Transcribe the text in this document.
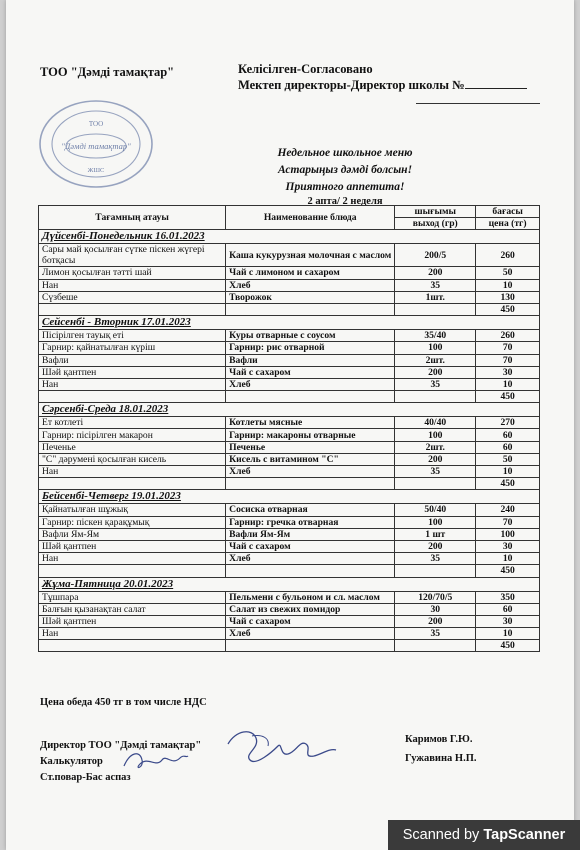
ТОО "Дәмді тамақтар"	Келісілген-Согласовано
Мектеп директоры-Директор школы №
ТОО
"Дәмді тамақтар"
ЖШС
Недельное школьное меню
Астарыңыз дәмді болсын!
Приятного аппетита!
2 апта/ 2 неделя
Тағамның атауы	Наименование блюда	шығымы	бағасы
		выход (гр)	цена (тг)
Дүйсенбі-Понедельник 16.01.2023			
Сары май қосылған сүтке піскен жүгері ботқасы	Каша кукурузная молочная с маслом	200/5	260
Лимон қосылған тәтті шай	Чай с лимоном и сахаром	200	50
Нан	Хлеб	35	10
Сүзбеше	Творожок	1шт.	130
			450
Сейсенбі - Вторник 17.01.2023			
Пісірілген тауық еті	Куры отварные с соусом	35/40	260
Гарнир: қайнатылған күріш	Гарнир: рис отварной	100	70
Вафли	Вафли	2шт.	70
Шәй қантпен	Чай с сахаром	200	30
Нан	Хлеб	35	10
			450
Сәрсенбі-Среда 18.01.2023			
Ет котлеті	Котлеты мясные	40/40	270
Гарнир: пісірілген макарон	Гарнир: макароны отварные	100	60
Печенье	Печенье	2шт.	60
"С" дәрумені қосылған кисель	Кисель с витамином "С"	200	50
Нан	Хлеб	35	10
			450
Бейсенбі-Четверг 19.01.2023			
Қайнатылған шұжық	Сосиска отварная	50/40	240
Гарнир: піскен қарақұмық	Гарнир: гречка отварная	100	70
Вафли Ям-Ям	Вафли Ям-Ям	1 шт	100
Шәй қантпен	Чай с сахаром	200	30
Нан	Хлеб	35	10
			450
Жұма-Пятница 20.01.2023			
Тұшпара	Пельмени с бульоном и сл. маслом	120/70/5	350
Балғын қызанақтан салат	Салат из свежих помидор	30	60
Шәй қантпен	Чай с сахаром	200	30
Нан	Хлеб	35	10
			450
Цена обеда 450 тг в том числе НДС
Директор ТОО "Дәмді тамақтар"
Каримов Г.Ю.
Калькулятор	Гужавина Н.П.
Ст.повар-Бас аспаз
Scanned by TapScanner
